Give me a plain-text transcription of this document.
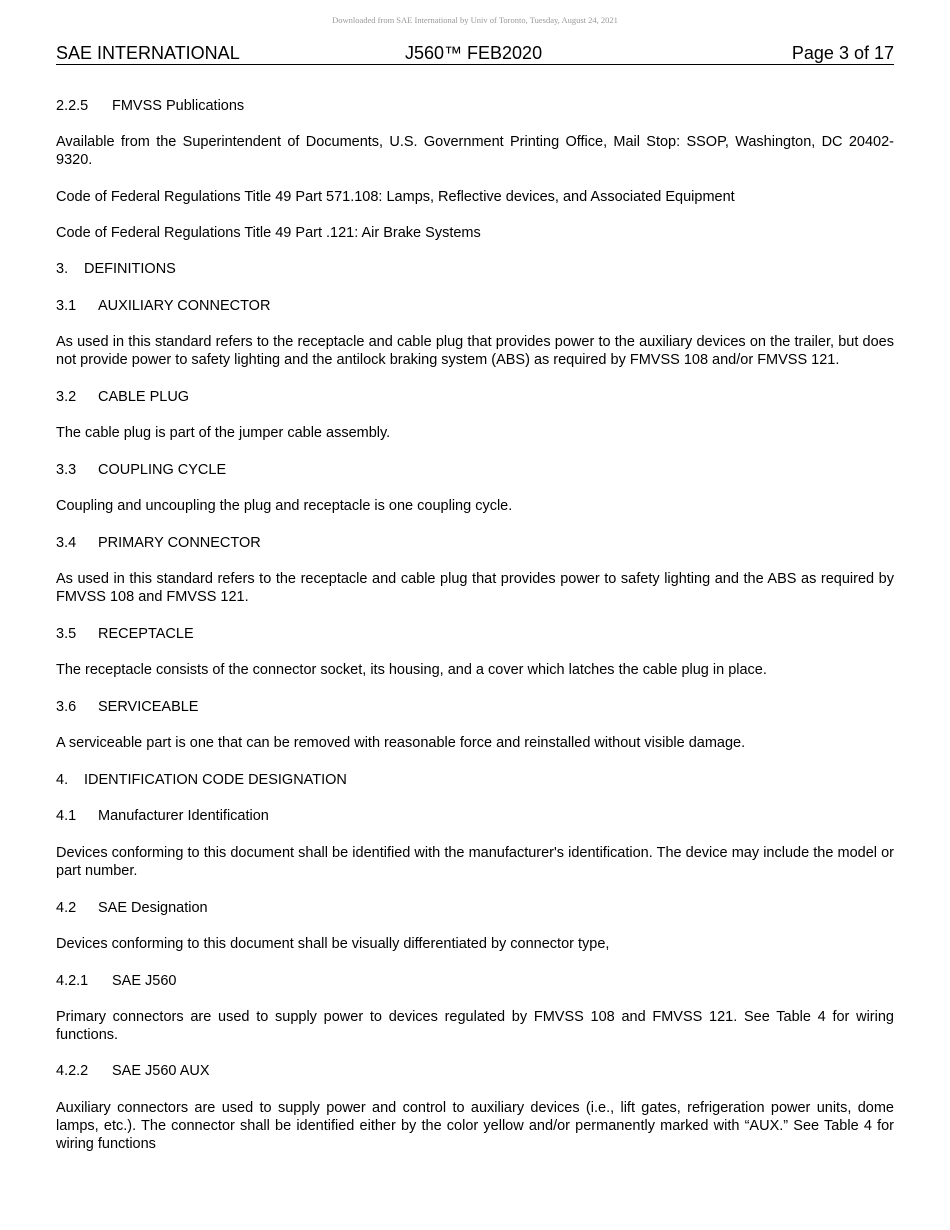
Downloaded from SAE International by Univ of Toronto, Tuesday, August 24, 2021
SAE INTERNATIONAL	J560™ FEB2020	Page 3 of 17

2.2.5 FMVSS Publications

Available from the Superintendent of Documents, U.S. Government Printing Office, Mail Stop: SSOP, Washington, DC 20402-9320.

Code of Federal Regulations Title 49 Part 571.108: Lamps, Reflective devices, and Associated Equipment

Code of Federal Regulations Title 49 Part .121: Air Brake Systems

3. DEFINITIONS

3.1 AUXILIARY CONNECTOR

As used in this standard refers to the receptacle and cable plug that provides power to the auxiliary devices on the trailer, but does not provide power to safety lighting and the antilock braking system (ABS) as required by FMVSS 108 and/or FMVSS 121.

3.2 CABLE PLUG

The cable plug is part of the jumper cable assembly.

3.3 COUPLING CYCLE

Coupling and uncoupling the plug and receptacle is one coupling cycle.

3.4 PRIMARY CONNECTOR

As used in this standard refers to the receptacle and cable plug that provides power to safety lighting and the ABS as required by FMVSS 108 and FMVSS 121.

3.5 RECEPTACLE

The receptacle consists of the connector socket, its housing, and a cover which latches the cable plug in place.

3.6 SERVICEABLE

A serviceable part is one that can be removed with reasonable force and reinstalled without visible damage.

4. IDENTIFICATION CODE DESIGNATION

4.1 Manufacturer Identification

Devices conforming to this document shall be identified with the manufacturer's identification. The device may include the model or part number.

4.2 SAE Designation

Devices conforming to this document shall be visually differentiated by connector type,

4.2.1 SAE J560

Primary connectors are used to supply power to devices regulated by FMVSS 108 and FMVSS 121. See Table 4 for wiring functions.

4.2.2 SAE J560 AUX

Auxiliary connectors are used to supply power and control to auxiliary devices (i.e., lift gates, refrigeration power units, dome lamps, etc.). The connector shall be identified either by the color yellow and/or permanently marked with “AUX.” See Table 4 for wiring functions
